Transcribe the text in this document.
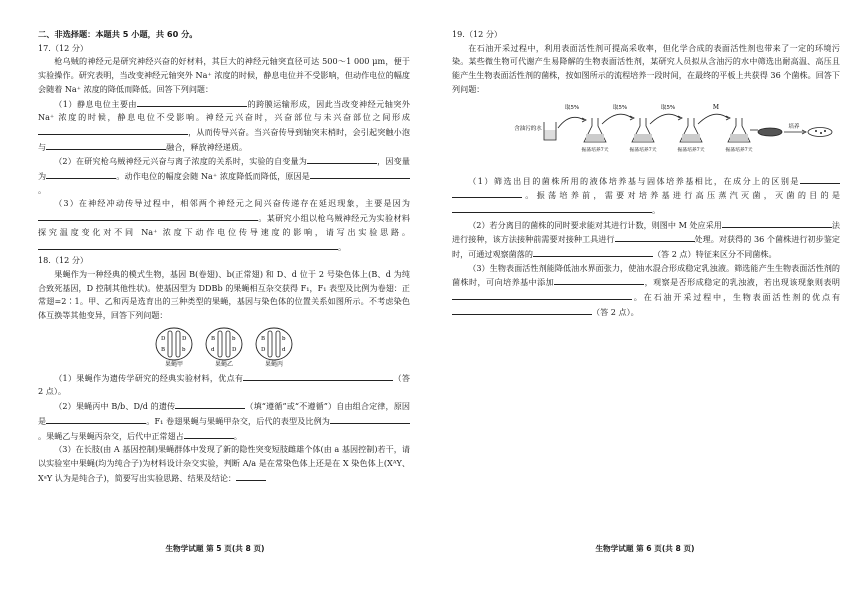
二、非选择题：本题共 5 小题，共 60 分。
17.（12 分）
枪乌贼的神经元是研究神经兴奋的好材料，其巨大的神经元轴突直径可达 500～1 000 μm，便于实验操作。研究表明，当改变神经元轴突外 Na⁺ 浓度的时候，静息电位并不受影响，但动作电位的幅度会随着 Na⁺ 浓度的降低而降低。回答下列问题：
（1）静息电位主要由	的跨膜运输形成，因此当改变神经元轴突外 Na⁺ 浓度的时候，静息电位不受影响。神经元兴奋时，兴奋部位与未兴奋部位之间形成，从而传导兴奋。当兴奋传导到轴突末梢时，会引起突触小泡与	融合，释放神经递质。
（2）在研究枪乌贼神经元兴奋与离子浓度的关系时，实验的自变量为	，因变量为	。动作电位的幅度会随 Na⁺ 浓度降低而降低，原因是。
（3）在神经冲动传导过程中，相邻两个神经元之间兴奋传递存在延迟现象，主要是因为。某研究小组以枪乌贼神经元为实验材料探究温度变化对不同 Na⁺ 浓度下动作电位传导速度的影响，请写出实验思路。。
18.（12 分）
果蝇作为一种经典的模式生物，基因 B(卷翅)、b(正常翅) 和 D、d 位于 2 号染色体上(B、d 为纯合致死基因，D 控制其他性状)。使基因型为 DDBb 的果蝇相互杂交获得 F₁，F₁ 表型及比例为卷翅：正常翅=2∶1。甲、乙和丙是选育出的三种类型的果蝇，基因与染色体的位置关系如图所示。不考虑染色体互换等其他变异，回答下列问题：
D
B
D
b
果蝇甲
B
d
b
D
果蝇乙
B
D
b
d
果蝇丙
（1）果蝇作为遗传学研究的经典实验材料，优点有	（答 2 点）。
（2）果蝇丙中 B/b、D/d 的遗传	（填“遵循”或“不遵循”）自由组合定律，原因是	。F₁ 卷翅果蝇与果蝇甲杂交，后代的表型及比例为。果蝇乙与果蝇丙杂交，后代中正常翅占	。
（3）在长肢(由 A 基因控制)果蝇群体中发现了新的隐性突变短肢雌雄个体(由 a 基因控制)若干，请以实验室中果蝇(均为纯合子)为材料设计杂交实验，判断 A/a 是在常染色体上还是在 X 染色体上(XᴬY、XᵃY 认为是纯合子)，简要写出实验思路、结果及结论：
生物学试题 第 5 页(共 8 页)
19.（12 分）
在石油开采过程中，利用表面活性剂可提高采收率，但化学合成的表面活性剂也带来了一定的环境污染。某些微生物可代谢产生易降解的生物表面活性剂，某研究人员拟从含油污的水中筛选出耐高温、高压且能产生生物表面活性剂的菌株，按如图所示的流程培养一段时间，在最终的平板上共获得 36 个菌株。回答下列问题：
含油污的水
取5%	取5%	取5%	M
振荡培养7天	振荡培养7天	振荡培养7天	振荡培养7天
培养
（1）筛选出目的菌株所用的液体培养基与固体培养基相比，在成分上的区别是。振荡培养前，需要对培养基进行高压蒸汽灭菌，灭菌的目的是。
（2）若分离目的菌株的同时要求能对其进行计数，则图中 M 处应采用	法进行接种，该方法接种前需要对接种工具进行	处理。对获得的 36 个菌株进行初步鉴定时，可通过观察菌落的	（答 2 点）特征来区分不同菌株。
（3）生物表面活性剂能降低油水界面张力，使油水混合形成稳定乳浊液。筛选能产生生物表面活性剂的菌株时，可向培养基中添加	，观察是否形成稳定的乳浊液，若出现该现象则表明。在石油开采过程中，生物表面活性剂的优点有（答 2 点）。
生物学试题 第 6 页(共 8 页)
